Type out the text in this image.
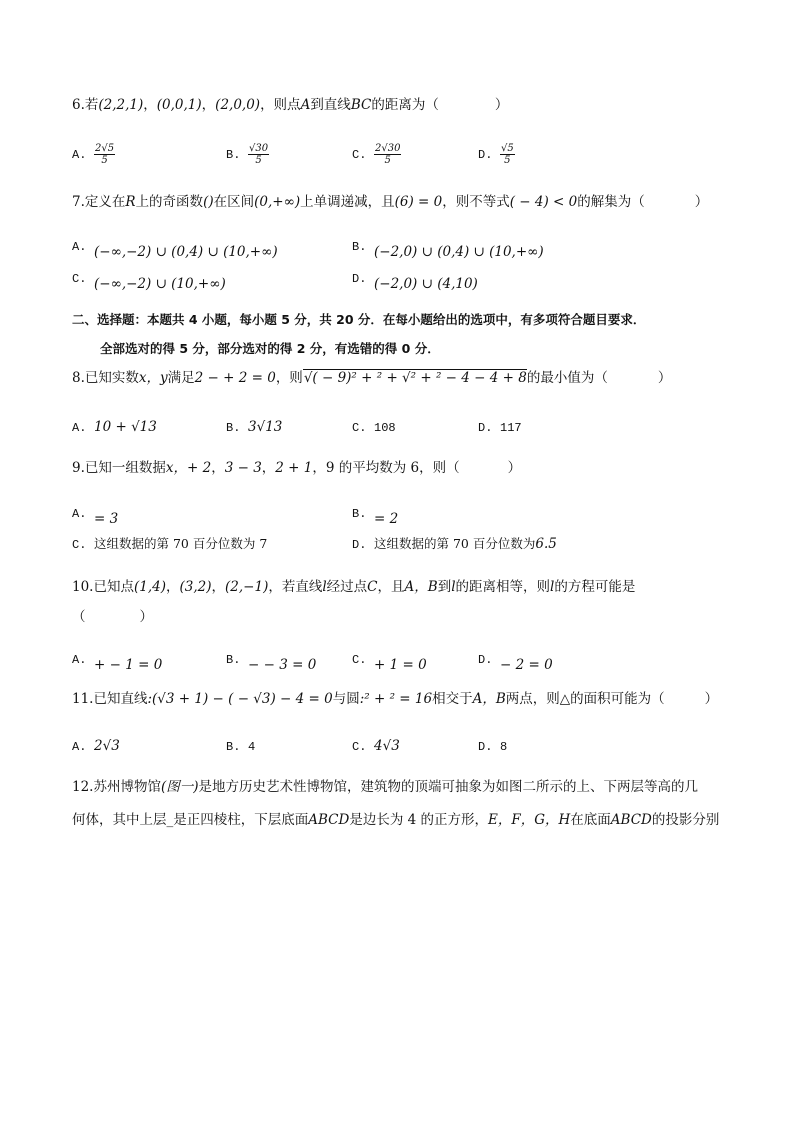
6.若(2,2,1)，(0,0,1)，(2,0,0)，则点A到直线BC的距离为（	）
A. $\frac{2√5}{5}$	B. $\frac{√30}{5}$	C. $\frac{2√30}{5}$	D. $\frac{√5}{5}$
7.定义在R上的奇函数()在区间(0,+∞)上单调递减，且(6) = 0，则不等式( − 4) < 0的解集为（	）
A. (−∞,−2) ∪ (0,4) ∪ (10,+∞)	B. (−2,0) ∪ (0,4) ∪ (10,+∞)
C. (−∞,−2) ∪ (10,+∞)	D. (−2,0) ∪ (4,10)
二、选择题：本题共 4 小题，每小题 5 分，共 20 分．在每小题给出的选项中，有多项符合题目要求．
全部选对的得 5 分，部分选对的得 2 分，有选错的得 0 分．
8.已知实数x，y满足2 − + 2 = 0，则√( − 9)² + ² + √² + ² − 4 − 4 + 8的最小值为（	）
A. 10 + √13	B. 3√13	C. 108	D. 117
9.已知一组数据x，+ 2，3 − 3，2 + 1，9 的平均数为 6，则（	）
A. = 3	B. = 2
C. 这组数据的第 70 百分位数为 7	D. 这组数据的第 70 百分位数为6.5
10.已知点(1,4)，(3,2)，(2,−1)，若直线l经过点C，且A，B到l的距离相等，则l的方程可能是
（　　　　）
A. + − 1 = 0	B. − − 3 = 0	C. + 1 = 0	D. − 2 = 0
11.已知直线:(√3 + 1) − ( − √3) − 4 = 0与圆:² + ² = 16相交于A，B两点，则△的面积可能为（	）
A. 2√3	B. 4	C. 4√3	D. 8
12.苏州博物馆(图一)是地方历史艺术性博物馆，建筑物的顶端可抽象为如图二所示的上、下两层等高的几
何体，其中上层_是正四棱柱，下层底面ABCD是边长为 4 的正方形，E，F，G，H在底面ABCD的投影分别
